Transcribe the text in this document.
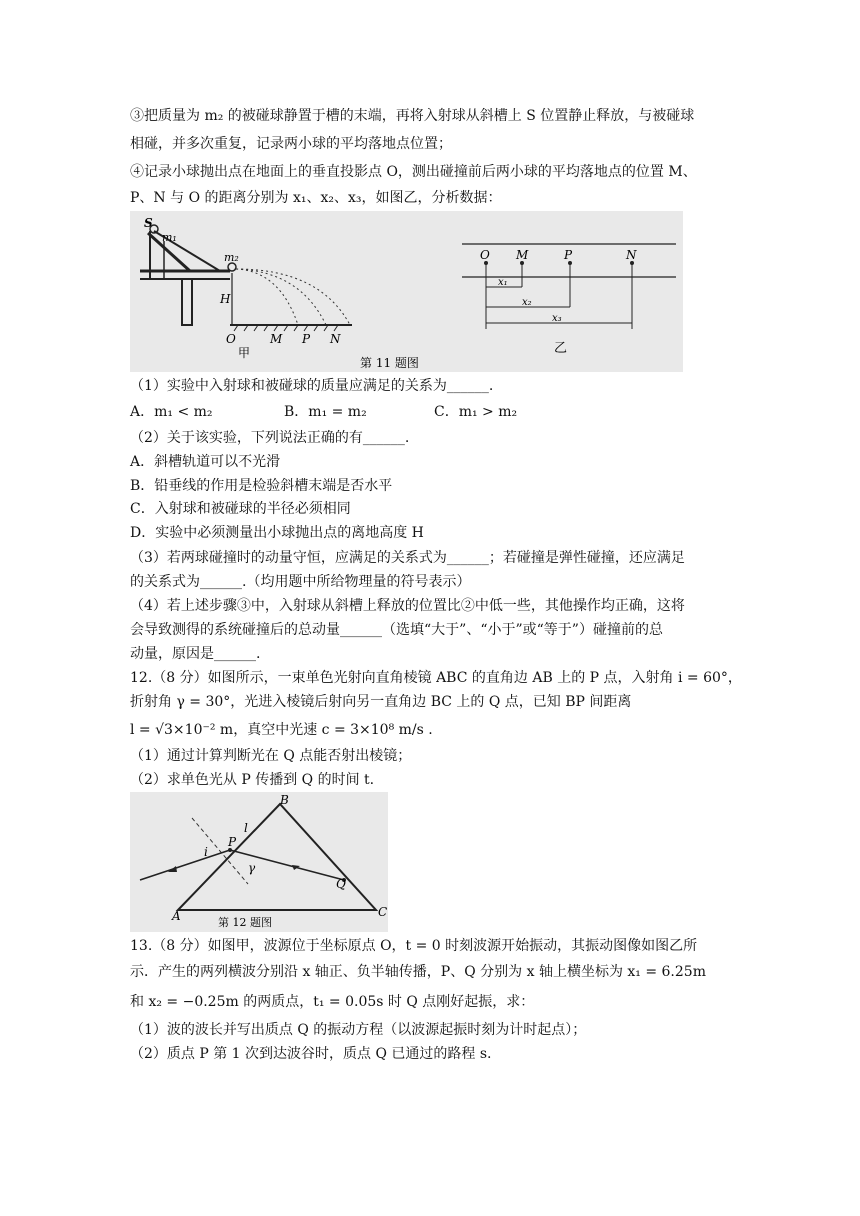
③把质量为 m₂ 的被碰球静置于槽的末端，再将入射球从斜槽上 S 位置静止释放，与被碰球
相碰，并多次重复，记录两小球的平均落地点位置；
④记录小球抛出点在地面上的垂直投影点 O，测出碰撞前后两小球的平均落地点的位置 M、
P、N 与 O 的距离分别为 x₁、x₂、x₃，如图乙，分析数据：
S
m₁
m₂
H
O	M P N
甲
O M	P	N
x₁
x₂
x₃
乙
第 11 题图
（1）实验中入射球和被碰球的质量应满足的关系为______.
A．m₁ < m₂	B．m₁ = m₂	C．m₁ > m₂
（2）关于该实验，下列说法正确的有______.
A．斜槽轨道可以不光滑
B．铅垂线的作用是检验斜槽末端是否水平
C．入射球和被碰球的半径必须相同
D．实验中必须测量出小球抛出点的离地高度 H
（3）若两球碰撞时的动量守恒，应满足的关系式为______；若碰撞是弹性碰撞，还应满足
的关系式为______.（均用题中所给物理量的符号表示）
（4）若上述步骤③中，入射球从斜槽上释放的位置比②中低一些，其他操作均正确，这将
会导致测得的系统碰撞后的总动量______（选填“大于”、“小于”或“等于”）碰撞前的总
动量，原因是______.
12.（8 分）如图所示，一束单色光射向直角棱镜 ABC 的直角边 AB 上的 P 点，入射角 i = 60°，
折射角 γ = 30°，光进入棱镜后射向另一直角边 BC 上的 Q 点，已知 BP 间距离
l = √3×10⁻² m，真空中光速 c = 3×10⁸ m/s .
（1）通过计算判断光在 Q 点能否射出棱镜；
（2）求单色光从 P 传播到 Q 的时间 t.
A
B
C
P
Q
i
γ
l
第 12 题图
13.（8 分）如图甲，波源位于坐标原点 O，t = 0 时刻波源开始振动，其振动图像如图乙所
示．产生的两列横波分别沿 x 轴正、负半轴传播，P、Q 分别为 x 轴上横坐标为 x₁ = 6.25m
和 x₂ = −0.25m 的两质点，t₁ = 0.05s 时 Q 点刚好起振，求：
（1）波的波长并写出质点 Q 的振动方程（以波源起振时刻为计时起点）；
（2）质点 P 第 1 次到达波谷时，质点 Q 已通过的路程 s.
